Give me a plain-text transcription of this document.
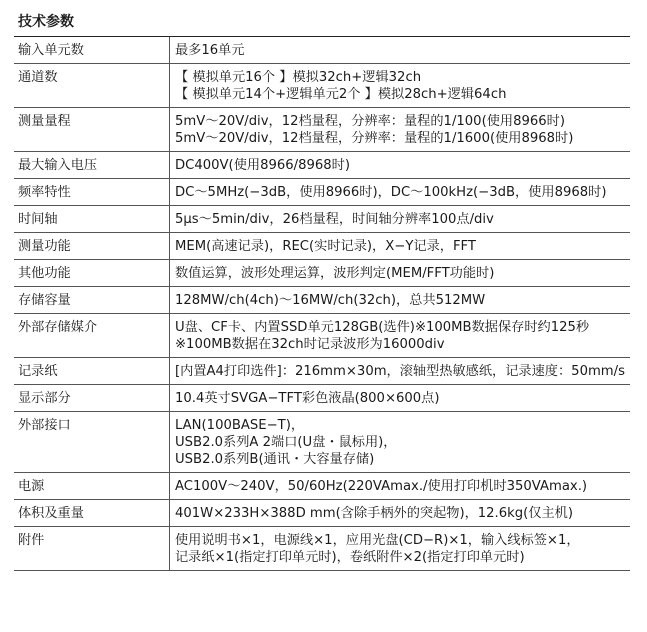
技术参数	
输入单元数	最多16单元

通道数	【 模拟单元16个 】模拟32ch+逻辑32ch
【 模拟单元14个+逻辑单元2个 】模拟28ch+逻辑64ch

测量量程	5mV～20V/div，12档量程，分辨率：量程的1/100(使用8966时)
5mV～20V/div，12档量程，分辨率：量程的1/1600(使用8968时)

最大输入电压	DC400V(使用8966/8968时)

频率特性	DC～5MHz(−3dB，使用8966时)，DC～100kHz(−3dB，使用8968时)

时间轴	5μs～5min/div，26档量程，时间轴分辨率100点/div

测量功能	MEM(高速记录)，REC(实时记录)，X−Y记录，FFT

其他功能	数值运算，波形处理运算，波形判定(MEM/FFT功能时)

存储容量	128MW/ch(4ch)～16MW/ch(32ch)，总共512MW

外部存储媒介	U盘、CF卡、内置SSD单元128GB(选件)※100MB数据保存时约125秒
※100MB数据在32ch时记录波形为16000div

记录纸	[内置A4打印选件]：216mm×30m，滚轴型热敏感纸，记录速度：50mm/s

显示部分	10.4英寸SVGA−TFT彩色液晶(800×600点)

外部接口	LAN(100BASE−T)，
USB2.0系列A 2端口(U盘・鼠标用)，
USB2.0系列B(通讯・大容量存储)

电源	AC100V～240V，50/60Hz(220VAmax./使用打印机时350VAmax.)

体积及重量	401W×233H×388D mm(含除手柄外的突起物)，12.6kg(仅主机)

附件	使用说明书×1，电源线×1，应用光盘(CD−R)×1，输入线标签×1，
记录纸×1(指定打印单元时)，卷纸附件×2(指定打印单元时)
